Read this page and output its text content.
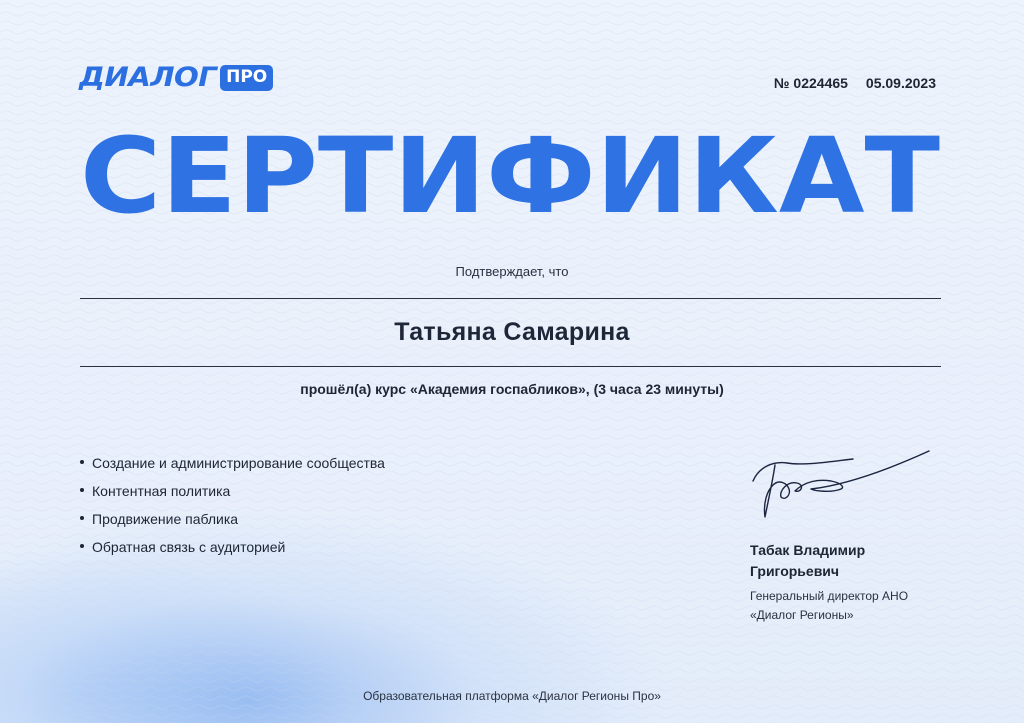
ДИАЛОГ ПРО	№ 0224465 05.09.2023
СЕРТИФИКАТ
Подтверждает, что
Татьяна Самарина
прошёл(а) курс «Академия госпабликов», (3 часа 23 минуты)
Создание и администрирование сообщества
Контентная политика
Продвижение паблика
Обратная связь с аудиторией	Табак Владимир
Григорьевич
Генеральный директор АНО
«Диалог Регионы»
Образовательная платформа «Диалог Регионы Про»
